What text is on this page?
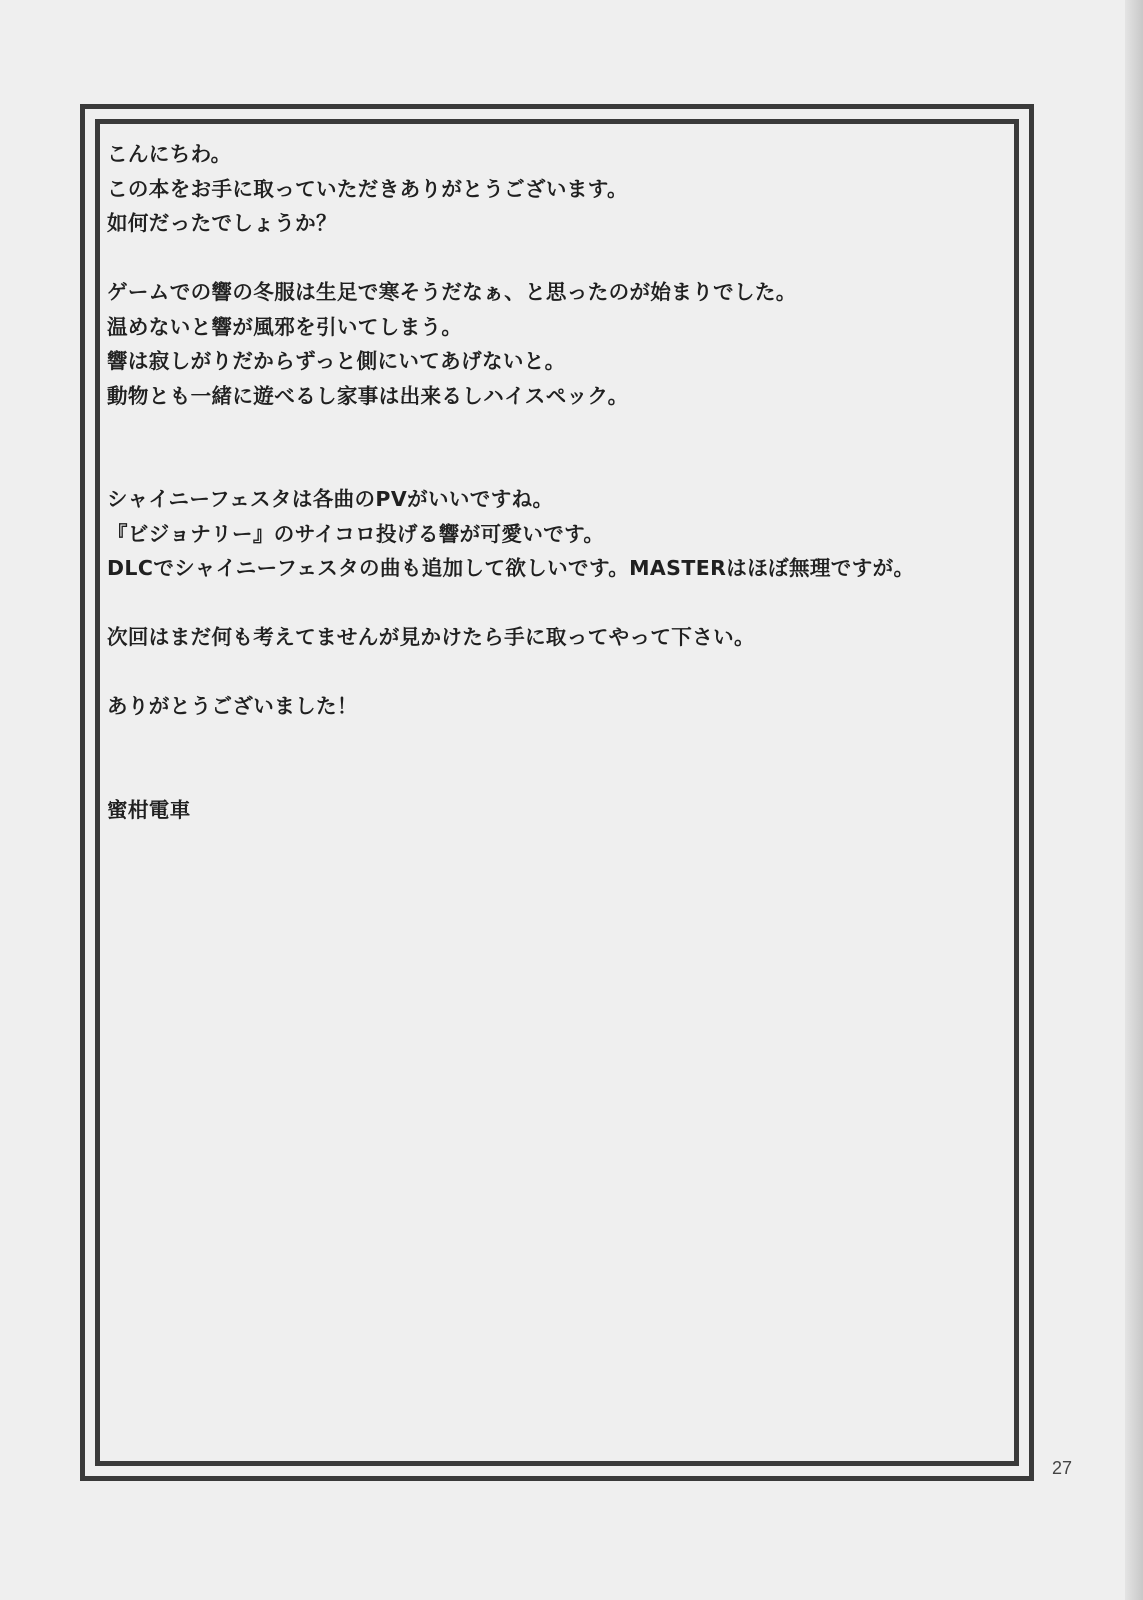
こんにちわ。
この本をお手に取っていただきありがとうございます。
如何だったでしょうか？
ゲームでの響の冬服は生足で寒そうだなぁ、と思ったのが始まりでした。
温めないと響が風邪を引いてしまう。
響は寂しがりだからずっと側にいてあげないと。
動物とも一緒に遊べるし家事は出来るしハイスペック。
シャイニーフェスタは各曲のPVがいいですね。
『ビジョナリー』のサイコロ投げる響が可愛いです。
DLCでシャイニーフェスタの曲も追加して欲しいです。MASTERはほぼ無理ですが。
次回はまだ何も考えてませんが見かけたら手に取ってやって下さい。
ありがとうございました！
蜜柑電車
27
